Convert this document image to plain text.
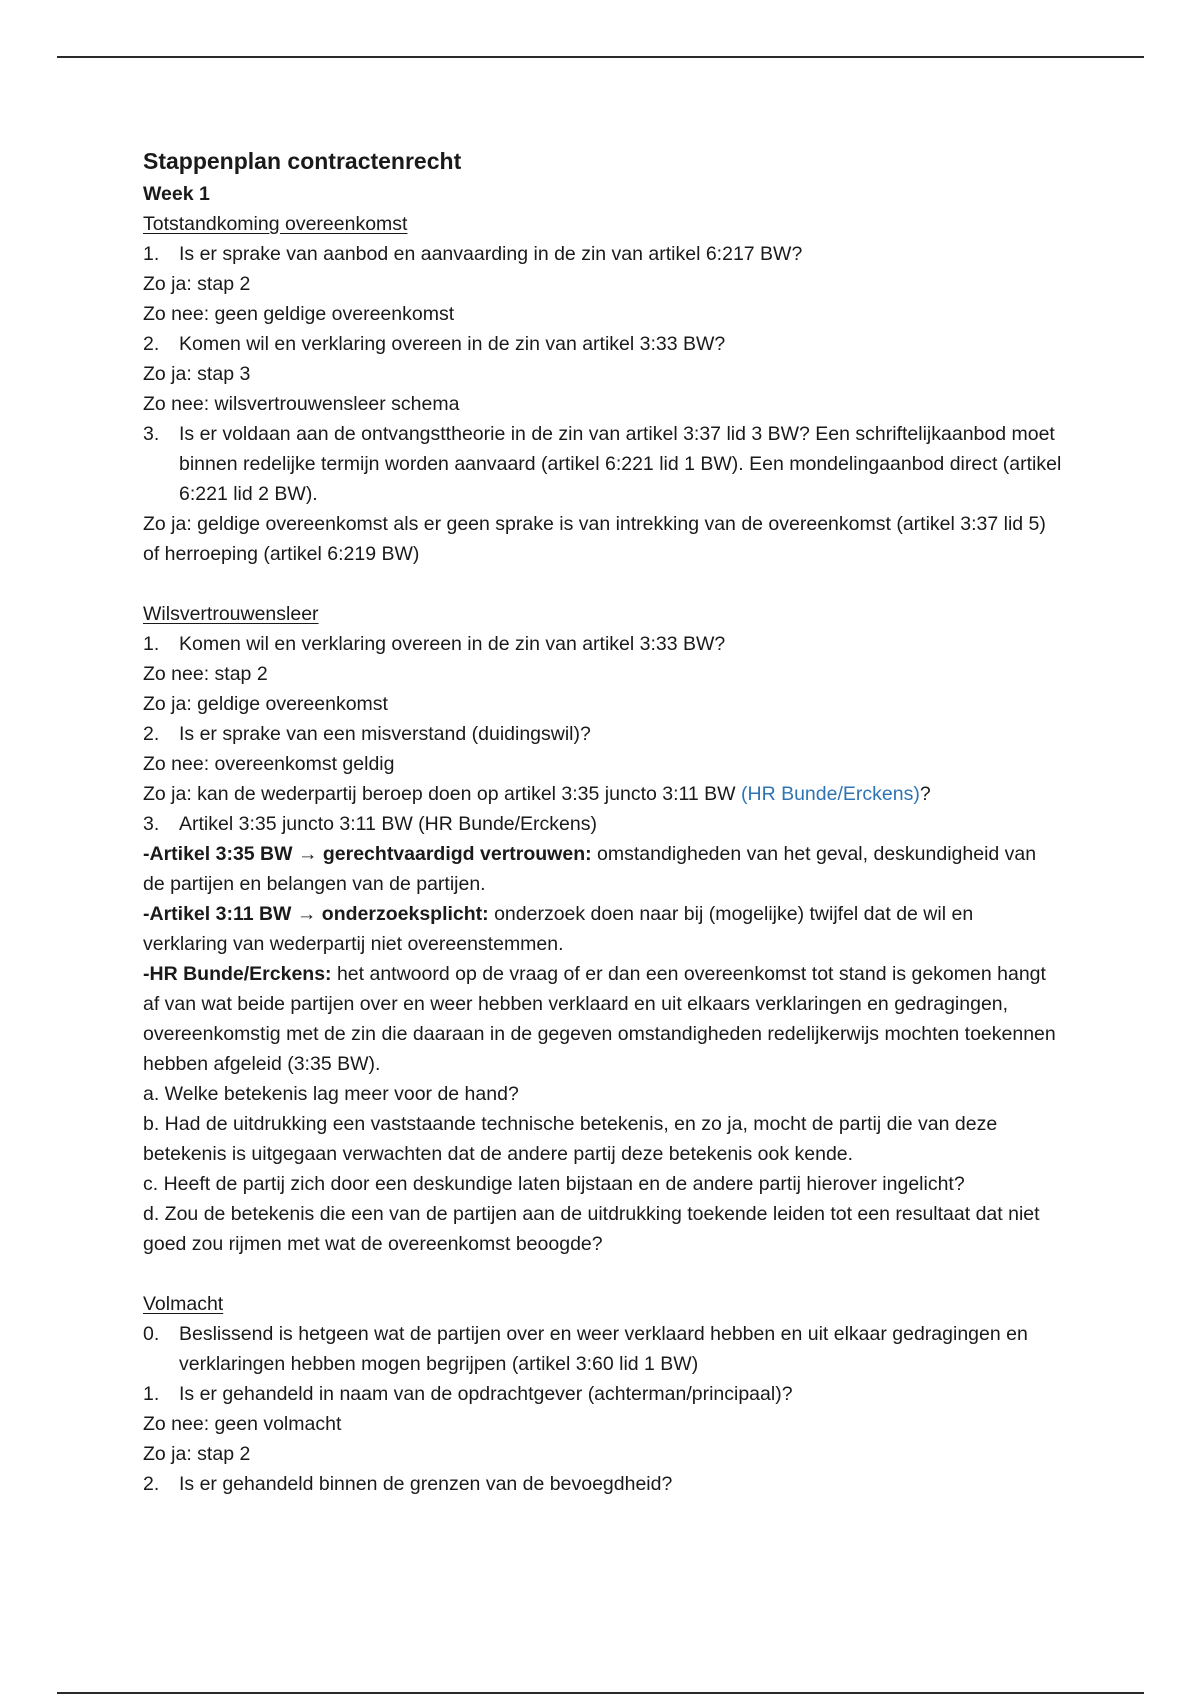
Stappenplan contractenrecht
Week 1
Totstandkoming overeenkomst
1. Is er sprake van aanbod en aanvaarding in de zin van artikel 6:217 BW?
Zo ja: stap 2
Zo nee: geen geldige overeenkomst
2. Komen wil en verklaring overeen in de zin van artikel 3:33 BW?
Zo ja: stap 3
Zo nee: wilsvertrouwensleer schema
3. Is er voldaan aan de ontvangsttheorie in de zin van artikel 3:37 lid 3 BW? Een schriftelijkaanbod moet binnen redelijke termijn worden aanvaard (artikel 6:221 lid 1 BW). Een mondelingaanbod direct (artikel 6:221 lid 2 BW).
Zo ja: geldige overeenkomst als er geen sprake is van intrekking van de overeenkomst (artikel 3:37 lid 5) of herroeping (artikel 6:219 BW)
Wilsvertrouwensleer
1. Komen wil en verklaring overeen in de zin van artikel 3:33 BW?
Zo nee: stap 2
Zo ja: geldige overeenkomst
2. Is er sprake van een misverstand (duidingswil)?
Zo nee: overeenkomst geldig
Zo ja: kan de wederpartij beroep doen op artikel 3:35 juncto 3:11 BW (HR Bunde/Erckens)?
3. Artikel 3:35 juncto 3:11 BW (HR Bunde/Erckens)
-Artikel 3:35 BW → gerechtvaardigd vertrouwen: omstandigheden van het geval, deskundigheid van de partijen en belangen van de partijen.
-Artikel 3:11 BW → onderzoeksplicht: onderzoek doen naar bij (mogelijke) twijfel dat de wil en verklaring van wederpartij niet overeenstemmen.
-HR Bunde/Erckens: het antwoord op de vraag of er dan een overeenkomst tot stand is gekomen hangt af van wat beide partijen over en weer hebben verklaard en uit elkaars verklaringen en gedragingen, overeenkomstig met de zin die daaraan in de gegeven omstandigheden redelijkerwijs mochten toekennen hebben afgeleid (3:35 BW).
a. Welke betekenis lag meer voor de hand?
b. Had de uitdrukking een vaststaande technische betekenis, en zo ja, mocht de partij die van deze betekenis is uitgegaan verwachten dat de andere partij deze betekenis ook kende.
c. Heeft de partij zich door een deskundige laten bijstaan en de andere partij hierover ingelicht?
d. Zou de betekenis die een van de partijen aan de uitdrukking toekende leiden tot een resultaat dat niet goed zou rijmen met wat de overeenkomst beoogde?
Volmacht
0. Beslissend is hetgeen wat de partijen over en weer verklaard hebben en uit elkaar gedragingen en verklaringen hebben mogen begrijpen (artikel 3:60 lid 1 BW)
1. Is er gehandeld in naam van de opdrachtgever (achterman/principaal)?
Zo nee: geen volmacht
Zo ja: stap 2
2. Is er gehandeld binnen de grenzen van de bevoegdheid?
